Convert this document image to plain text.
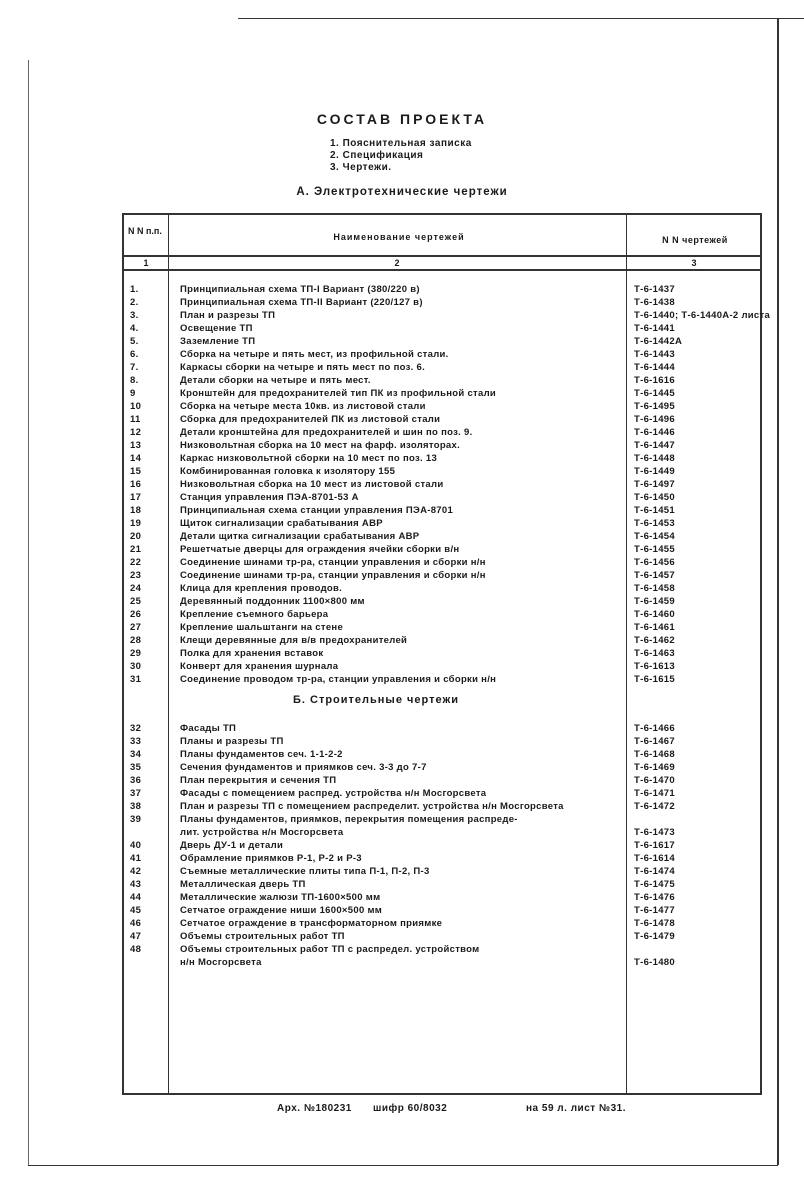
СОСТАВ ПРОЕКТА
1. Пояснительная записка
2. Спецификация
3. Чертежи.
А. Электротехнические чертежи
N N п.п.
Наименование чертежей	N N чертежей
1	2	3
1.	Принципиальная схема ТП-I Вариант (380/220 в)	Т-6-1437
2.	Принципиальная схема ТП-II Вариант (220/127 в)	Т-6-1438
3.	План и разрезы ТП	Т-6-1440; Т-6-1440А-2 листа
4.	Освещение ТП	Т-6-1441
5.	Заземление ТП	Т-6-1442А
6.	Сборка на четыре и пять мест, из профильной стали.	Т-6-1443
7.	Каркасы сборки на четыре и пять мест по поз. 6.	Т-6-1444
8.	Детали сборки на четыре и пять мест.	Т-6-1616
9	Кронштейн для предохранителей тип ПК из профильной стали	Т-6-1445
10	Сборка на четыре места 10кв. из листовой стали	Т-6-1495
11	Сборка для предохранителей ПК из листовой стали	Т-6-1496
12	Детали кронштейна для предохранителей и шин по поз. 9.	Т-6-1446
13	Низковольтная сборка на 10 мест на фарф. изоляторах.	Т-6-1447
14	Каркас низковольтной сборки на 10 мест по поз. 13	Т-6-1448
15	Комбинированная головка к изолятору 155	Т-6-1449
16	Низковольтная сборка на 10 мест из листовой стали	Т-6-1497
17	Станция управления ПЭА-8701-53 А	Т-6-1450
18	Принципиальная схема станции управления ПЭА-8701	Т-6-1451
19	Щиток сигнализации срабатывания АВР	Т-6-1453
20	Детали щитка сигнализации срабатывания АВР	Т-6-1454
21	Решетчатые дверцы для ограждения ячейки сборки в/н	Т-6-1455
22	Соединение шинами тр-ра, станции управления и сборки н/н	Т-6-1456
23	Соединение шинами тр-ра, станции управления и сборки н/н	Т-6-1457
24	Клица для крепления проводов.	Т-6-1458
25	Деревянный поддонник 1100×800 мм	Т-6-1459
26	Крепление съемного барьера	Т-6-1460
27	Крепление шальштанги на стене	Т-6-1461
28	Клещи деревянные для в/в предохранителей	Т-6-1462
29	Полка для хранения вставок	Т-6-1463
30	Конверт для хранения шурнала	Т-6-1613
31	Соединение проводом тр-ра, станции управления и сборки н/н	Т-6-1615
Б. Строительные чертежи
32	Фасады ТП	Т-6-1466
33	Планы и разрезы ТП	Т-6-1467
34	Планы фундаментов сеч. 1-1-2-2	Т-6-1468
35	Сечения фундаментов и приямков сеч. 3-3 до 7-7	Т-6-1469
36	План перекрытия и сечения ТП	Т-6-1470
37	Фасады с помещением распред. устройства н/н Мосгорсвета	Т-6-1471
38	План и разрезы ТП с помещением распределит. устройства н/н Мосгорсвета	Т-6-1472
39	Планы фундаментов, приямков, перекрытия помещения распреде-
лит. устройства н/н Мосгорсвета	Т-6-1473
40	Дверь ДУ-1 и детали	Т-6-1617
41	Обрамление приямков Р-1, Р-2 и Р-3	Т-6-1614
42	Съемные металлические плиты типа П-1, П-2, П-3	Т-6-1474
43	Металлическая дверь ТП	Т-6-1475
44	Металлические жалюзи ТП-1600×500 мм	Т-6-1476
45	Сетчатое ограждение ниши 1600×500 мм	Т-6-1477
46	Сетчатое ограждение в трансформаторном приямке	Т-6-1478
47	Объемы строительных работ ТП	Т-6-1479
48	Объемы строительных работ ТП с распредел. устройством
н/н Мосгорсвета	Т-6-1480
Арх. №180231 шифр 60/8032	на 59 л. лист №31.
